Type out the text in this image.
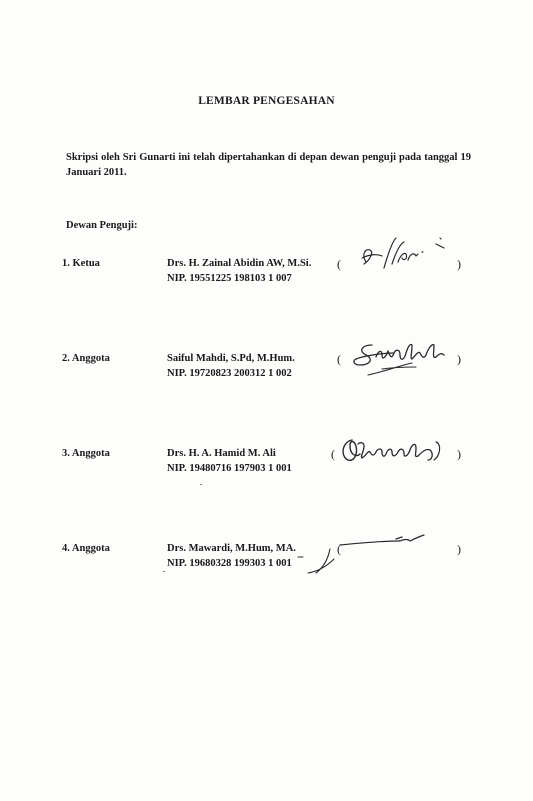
LEMBAR PENGESAHAN
Skripsi oleh Sri Gunarti ini telah dipertahankan di depan dewan penguji pada tanggal 19 Januari 2011.
Dewan Penguji:
1. Ketua	Drs. H. Zainal Abidin AW, M.Si.
NIP. 19551225 198103 1 007
(	)
2. Anggota	Saiful Mahdi, S.Pd, M.Hum.
NIP. 19720823 200312 1 002
(	)
3. Anggota	Drs. H. A. Hamid M. Ali
NIP. 19480716 197903 1 001
(	)
4. Anggota	Drs. Mawardi, M.Hum, MA.
NIP. 19680328 199303 1 001
(	)
